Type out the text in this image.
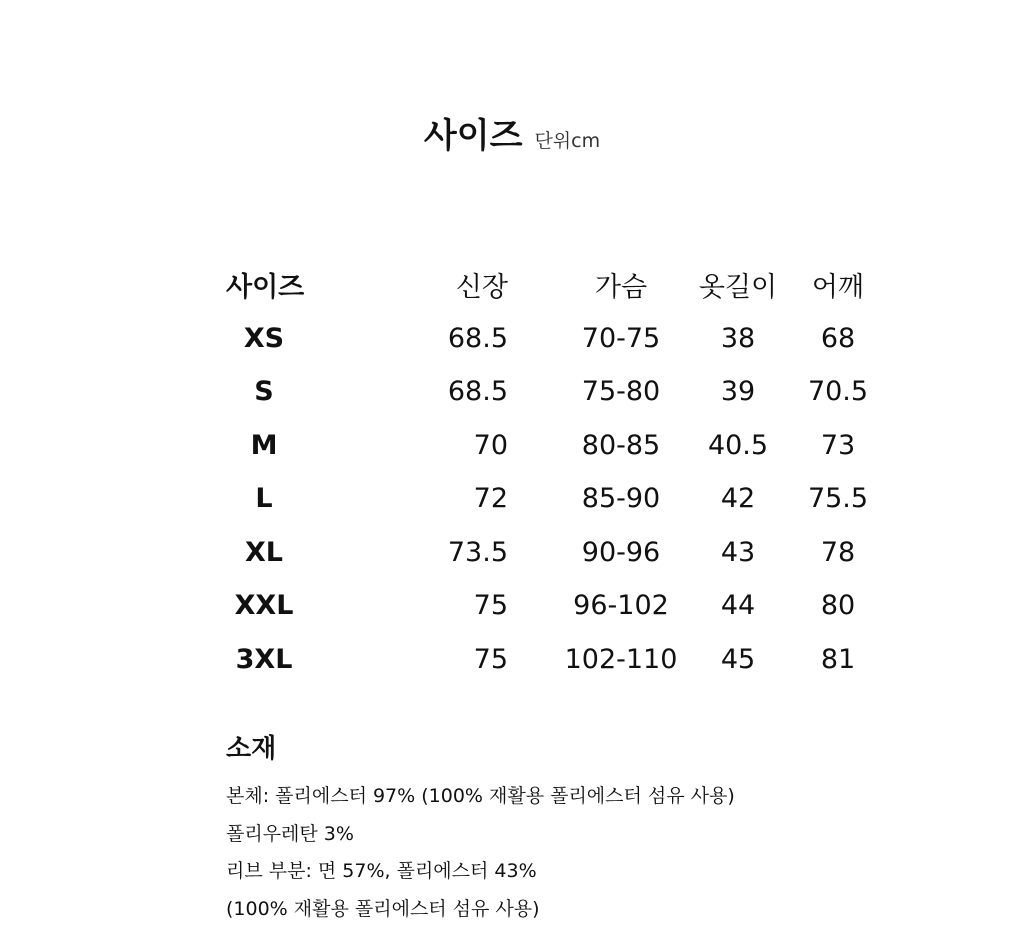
사이즈 단위cm
사이즈	신장	가슴	옷길이	어깨
XS	68.5	70-75	38	68
S	68.5	75-80	39	70.5
M	70	80-85	40.5	73
L	72	85-90	42	75.5
XL	73.5	90-96	43	78
XXL	75	96-102	44	80
3XL	75	102-110	45	81
소재
본체: 폴리에스터 97% (100% 재활용 폴리에스터 섬유 사용)
폴리우레탄 3%
리브 부분: 면 57%, 폴리에스터 43%
(100% 재활용 폴리에스터 섬유 사용)
